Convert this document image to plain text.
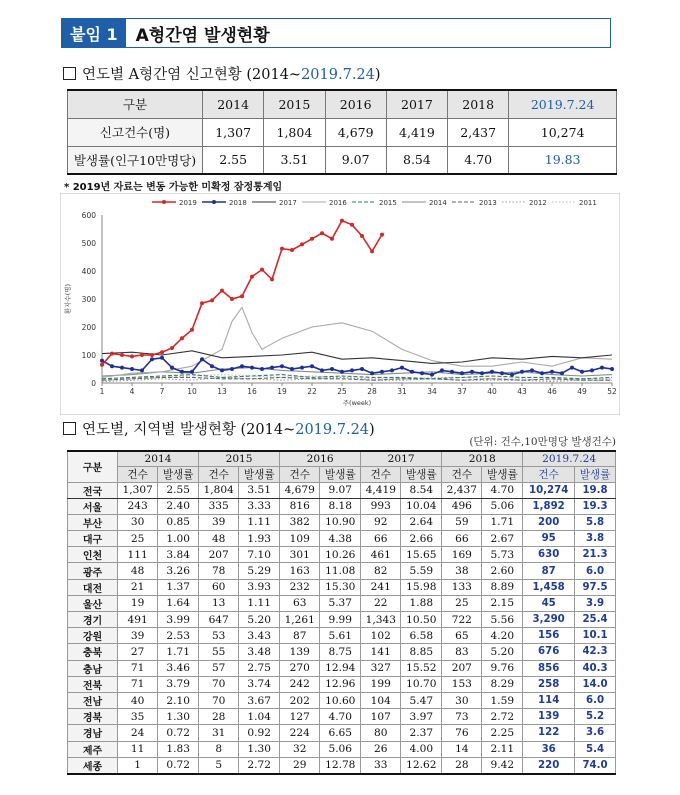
붙임 1	A형간염 발생현황
연도별 A형간염 신고현황 (2014~2019.7.24)
구분	2014	2015	2016	2017	2018	2019.7.24
신고건수(명)	1,307	1,804	4,679	4,419	2,437	10,274
발생률(인구10만명당)	2.55	3.51	9.07	8.54	4.70	19.83
* 2019년 자료는 변동 가능한 미확정 잠정통계임
0
100
200
300
400
500
600
1	4	7	10	13	16	19	22	25	28	31	34	37	40	43	46	49	52
주(week)
환자수(명)
2019	2018	2017	2016	2015	2014	2013	2012	2011
연도별, 지역별 발생현황 (2014~2019.7.24)
(단위: 건수,10만명당 발생건수)
구분	2014		2015		2016		2017		2018		2019.7.24	
	건수	발생률	건수	발생률	건수	발생률	건수	발생률	건수	발생률	건수	발생률
전국	1,307	2.55	1,804	3.51	4,679	9.07	4,419	8.54	2,437	4.70	10,274	19.8
서울	243	2.40	335	3.33	816	8.18	993	10.04	496	5.06	1,892	19.3
부산	30	0.85	39	1.11	382	10.90	92	2.64	59	1.71	200	5.8
대구	25	1.00	48	1.93	109	4.38	66	2.66	66	2.67	95	3.8
인천	111	3.84	207	7.10	301	10.26	461	15.65	169	5.73	630	21.3
광주	48	3.26	78	5.29	163	11.08	82	5.59	38	2.60	87	6.0
대전	21	1.37	60	3.93	232	15.30	241	15.98	133	8.89	1,458	97.5
울산	19	1.64	13	1.11	63	5.37	22	1.88	25	2.15	45	3.9
경기	491	3.99	647	5.20	1,261	9.99	1,343	10.50	722	5.56	3,290	25.4
강원	39	2.53	53	3.43	87	5.61	102	6.58	65	4.20	156	10.1
충북	27	1.71	55	3.48	139	8.75	141	8.85	83	5.20	676	42.3
충남	71	3.46	57	2.75	270	12.94	327	15.52	207	9.76	856	40.3
전북	71	3.79	70	3.74	242	12.96	199	10.70	153	8.29	258	14.0
전남	40	2.10	70	3.67	202	10.60	104	5.47	30	1.59	114	6.0
경북	35	1.30	28	1.04	127	4.70	107	3.97	73	2.72	139	5.2
경남	24	0.72	31	0.92	224	6.65	80	2.37	76	2.25	122	3.6
제주	11	1.83	8	1.30	32	5.06	26	4.00	14	2.11	36	5.4
세종	1	0.72	5	2.72	29	12.78	33	12.62	28	9.42	220	74.0
